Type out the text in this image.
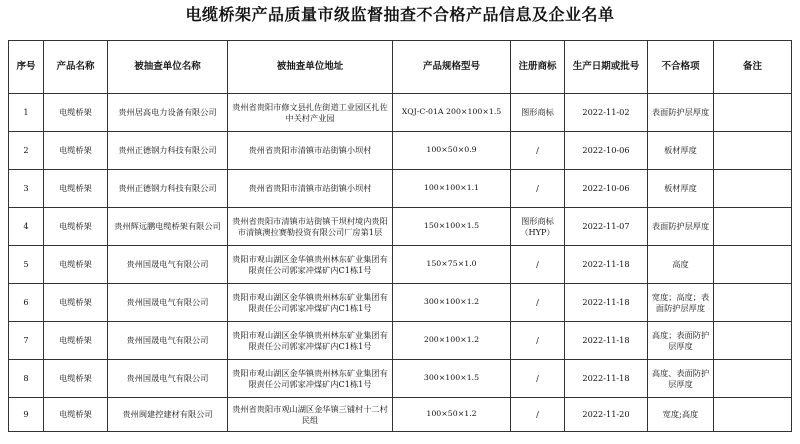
电缆桥架产品质量市级监督抽查不合格产品信息及企业名单
序号	产品名称	被抽查单位名称	被抽查单位地址	产品规格型号	注册商标	生产日期或批号	不合格项	备注
1	电缆桥架	贵州居高电力设备有限公司	贵州省贵阳市修文县扎佐街道工业园区扎佐中关村产业园	XQJ-C-01A 200×100×1.5	图形商标	2022-11-02	表面防护层厚度	
2	电缆桥架	贵州正德钢力科技有限公司	贵州省贵阳市清镇市站街镇小坝村	100×50×0.9	/	2022-10-06	板材厚度	
3	电缆桥架	贵州正德钢力科技有限公司	贵州省贵阳市清镇市站街镇小坝村	100×100×1.1	/	2022-10-06	板材厚度	
4	电缆桥架	贵州辉远鹏电缆桥架有限公司	贵州省贵阳市清镇市站街镇干坝村境内贵阳市清镇澳拉赛勒投资有限公司厂房第1层	150×100×1.5	图形商标（HYP）	2022-11-07	表面防护层厚度	
5	电缆桥架	贵州国晟电气有限公司	贵阳市观山湖区金华镇贵州林东矿业集团有限责任公司郭家冲煤矿内C1栋1号	150×75×1.0	/	2022-11-18	高度	
6	电缆桥架	贵州国晟电气有限公司	贵阳市观山湖区金华镇贵州林东矿业集团有限责任公司郭家冲煤矿内C1栋1号	300×100×1.2	/	2022-11-18	宽度；高度；表面防护层厚度	
7	电缆桥架	贵州国晟电气有限公司	贵阳市观山湖区金华镇贵州林东矿业集团有限责任公司郭家冲煤矿内C1栋1号	200×100×1.2	/	2022-11-18	高度；表面防护层厚度	
8	电缆桥架	贵州国晟电气有限公司	贵阳市观山湖区金华镇贵州林东矿业集团有限责任公司郭家冲煤矿内C1栋1号	300×100×1.5	/	2022-11-18	高度、表面防护层厚度	
9	电缆桥架	贵州闽建控建材有限公司	贵州省贵阳市观山湖区金华镇三铺村十二村民组	100×50×1.2	/	2022-11-20	宽度;高度	
